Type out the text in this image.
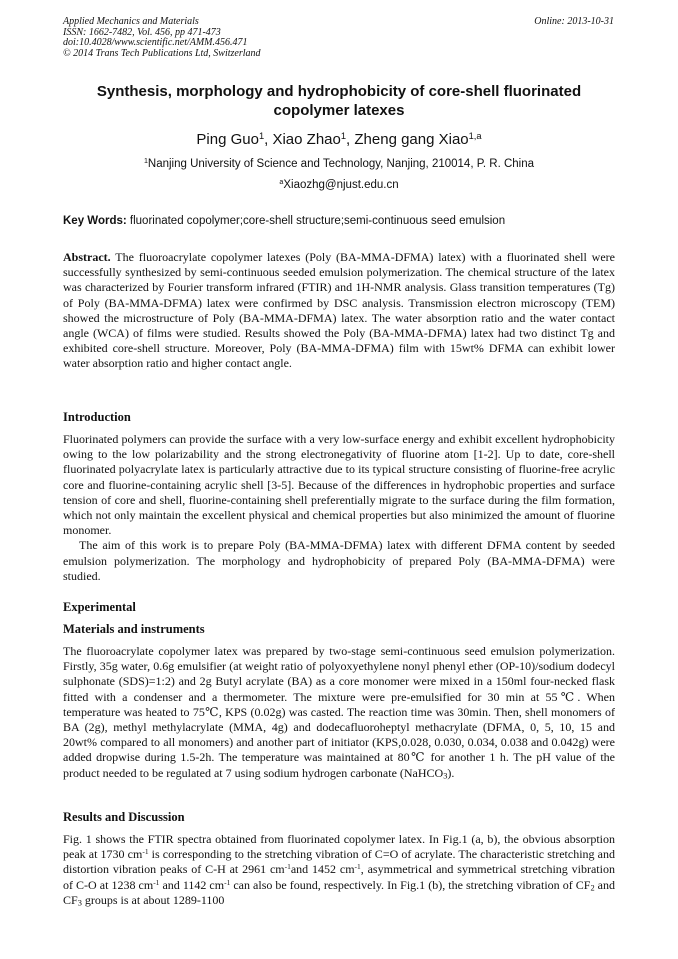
Applied Mechanics and Materials
ISSN: 1662-7482, Vol. 456, pp 471-473
doi:10.4028/www.scientific.net/AMM.456.471
© 2014 Trans Tech Publications Ltd, Switzerland
Online: 2013-10-31
Synthesis, morphology and hydrophobicity of core-shell fluorinated copolymer latexes
Ping Guo$^1$, Xiao Zhao$^1$, Zheng gang Xiao$^{1,a}$
$^1$Nanjing University of Science and Technology, Nanjing, 210014, P. R. China
$^a$Xiaozhg@njust.edu.cn
Key Words: fluorinated copolymer;core-shell structure;semi-continuous seed emulsion

Abstract. The fluoroacrylate copolymer latexes (Poly (BA-MMA-DFMA) latex) with a fluorinated shell were successfully synthesized by semi-continuous seeded emulsion polymerization. The chemical structure of the latex was characterized by Fourier transform infrared (FTIR) and 1H-NMR analysis. Glass transition temperatures (Tg) of Poly (BA-MMA-DFMA) latex were confirmed by DSC analysis. Transmission electron microscopy (TEM) showed the microstructure of Poly (BA-MMA-DFMA) latex. The water absorption ratio and the water contact angle (WCA) of films were studied. Results showed the Poly (BA-MMA-DFMA) latex had two distinct Tg and exhibited core-shell structure. Moreover, Poly (BA-MMA-DFMA) film with 15wt% DFMA can exhibit lower water absorption ratio and higher contact angle.

Introduction

Fluorinated polymers can provide the surface with a very low-surface energy and exhibit excellent hydrophobicity owing to the low polarizability and the strong electronegativity of fluorine atom [1-2]. Up to date, core-shell fluorinated polyacrylate latex is particularly attractive due to its typical structure consisting of fluorine-free acrylic core and fluorine-containing acrylic shell [3-5]. Because of the differences in hydrophobic properties and surface tension of core and shell, fluorine-containing shell preferentially migrate to the surface during the film formation, which not only maintain the excellent physical and chemical properties but also minimized the amount of fluorine monomer.

The aim of this work is to prepare Poly (BA-MMA-DFMA) latex with different DFMA content by seeded emulsion polymerization. The morphology and hydrophobicity of prepared Poly (BA-MMA-DFMA) were studied.

Experimental
Materials and instruments

The fluoroacrylate copolymer latex was prepared by two-stage semi-continuous seed emulsion polymerization. Firstly, 35g water, 0.6g emulsifier (at weight ratio of polyoxyethylene nonyl phenyl ether (OP-10)/sodium dodecyl sulphonate (SDS)=1:2) and 2g Butyl acrylate (BA) as a core monomer were mixed in a 150ml four-necked flask fitted with a condenser and a thermometer. The mixture were pre-emulsified for 30 min at 55℃. When temperature was heated to 75℃, KPS (0.02g) was casted. The reaction time was 30min. Then, shell monomers of BA (2g), methyl methylacrylate (MMA, 4g) and dodecafluoroheptyl methacrylate (DFMA, 0, 5, 10, 15 and 20wt% compared to all monomers) and another part of initiator (KPS,0.028, 0.030, 0.034, 0.038 and 0.042g) were added dropwise during 1.5-2h. The temperature was maintained at 80℃ for another 1 h. The pH value of the product needed to be regulated at 7 using sodium hydrogen carbonate (NaHCO$_3$).

Results and Discussion

Fig. 1 shows the FTIR spectra obtained from fluorinated copolymer latex. In Fig.1 (a, b), the obvious absorption peak at 1730 $cm^{-1}$ is corresponding to the stretching vibration of C=O of acrylate. The characteristic stretching and distortion vibration peaks of C-H at 2961 $cm^{-1}and$ 1452 $cm^{-1}$, asymmetrical and symmetrical stretching vibration of C-O at 1238 $cm^{-1}$ and 1142 $cm^{-1}$ can also be found, respectively. In Fig.1 (b), the stretching vibration of $CF_2$ and $CF_3$ groups is at about 1289-1100
